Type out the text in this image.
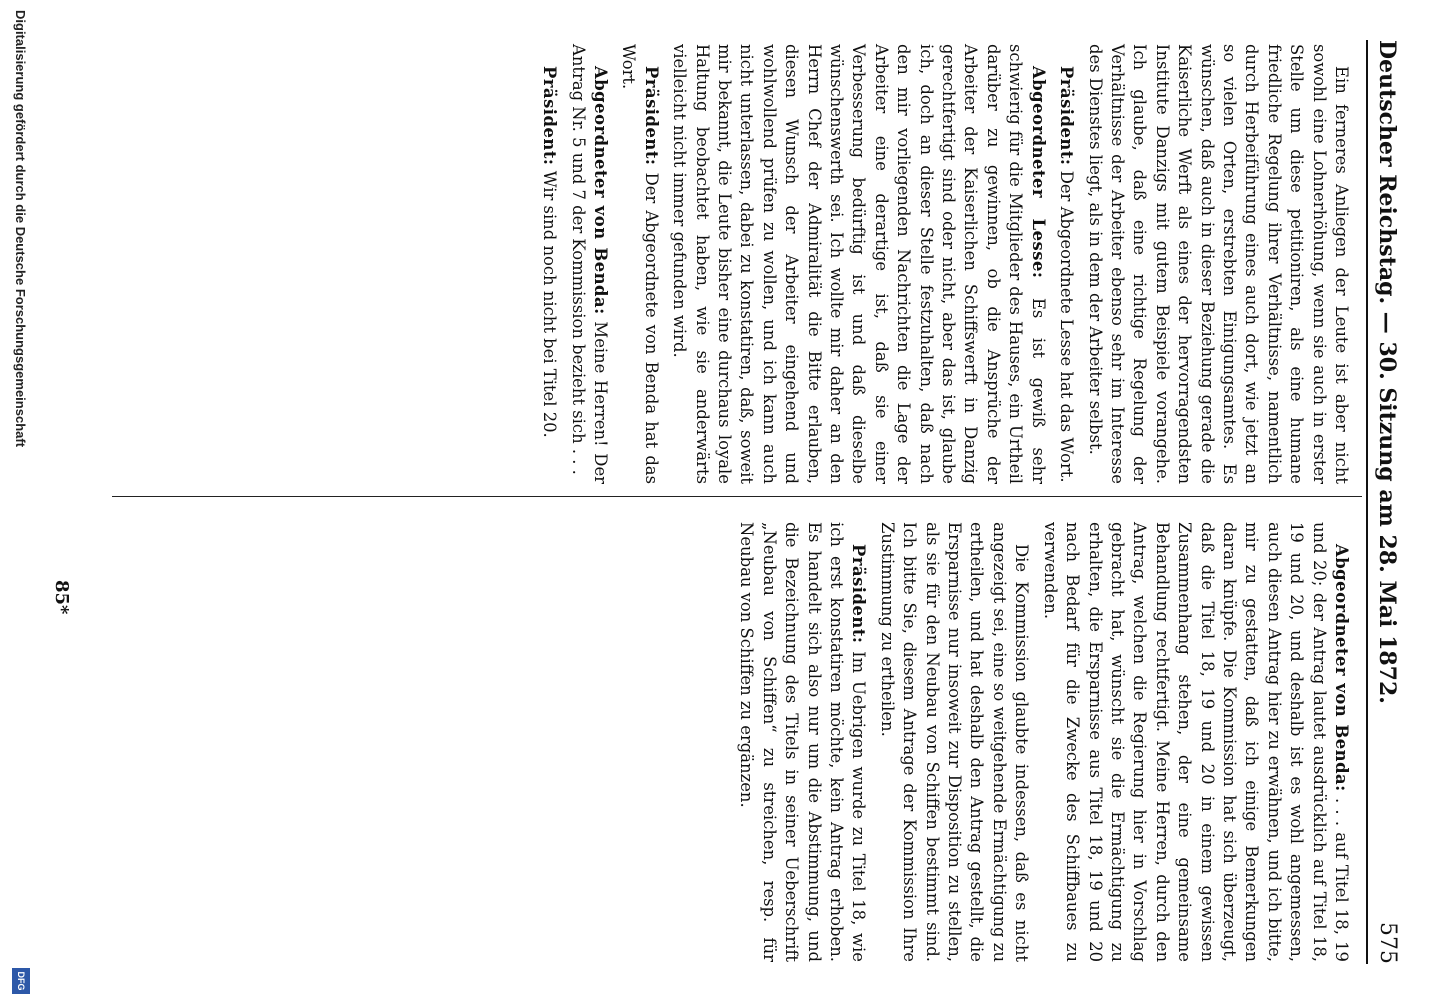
Deutscher Reichstag. — 30. Sitzung am 28. Mai 1872.
575

Ein ferneres Anliegen der Leute ist aber nicht sowohl eine Lohnerhöhung, wenn sie auch in erster Stelle um diese petitioniren, als eine humane friedliche Regelung ihrer Verhältnisse, namentlich durch Herbeiführung eines auch dort, wie jetzt an so vielen Orten, erstrebten Einigungsamtes. Es wünschen, daß auch in dieser Beziehung gerade die Kaiserliche Werft als eines der hervorragendsten Institute Danzigs mit gutem Beispiele vorangehe. Ich glaube, daß eine richtige Regelung der Verhältnisse der Arbeiter ebenso sehr im Interesse des Dienstes liegt, als in dem der Arbeiter selbst.

Präsident: Der Abgeordnete Lesse hat das Wort.

Abgeordneter Lesse: Es ist gewiß sehr schwierig für die Mitglieder des Hauses, ein Urtheil darüber zu gewinnen, ob die Ansprüche der Arbeiter der Kaiserlichen Schiffswerft in Danzig gerechtfertigt sind oder nicht, aber das ist, glaube ich, doch an dieser Stelle festzuhalten, daß nach den mir vorliegenden Nachrichten die Lage der Arbeiter eine derartige ist, daß sie einer Verbesserung bedürftig ist und daß dieselbe wünschenswerth sei. Ich wollte mir daher an den Herrn Chef der Admiralität die Bitte erlauben, diesen Wunsch der Arbeiter eingehend und wohlwollend prüfen zu wollen, und ich kann auch nicht unterlassen, dabei zu konstatiren, daß, soweit mir bekannt, die Leute bisher eine durchaus loyale Haltung beobachtet haben, wie sie anderwärts vielleicht nicht immer gefunden wird.

Präsident: Der Abgeordnete von Benda hat das Wort.

Abgeordneter von Benda: Meine Herren! Der Antrag Nr. 5 und 7 der Kommission bezieht sich . . .

Präsident: Wir sind noch nicht bei Titel 20.

Abgeordneter von Benda: . . . auf Titel 18, 19 und 20; der Antrag lautet ausdrücklich auf Titel 18, 19 und 20, und deshalb ist es wohl angemessen, auch diesen Antrag hier zu erwähnen, und ich bitte, mir zu gestatten, daß ich einige Bemerkungen daran knüpfe. Die Kommission hat sich überzeugt, daß die Titel 18, 19 und 20 in einem gewissen Zusammenhang stehen, der eine gemeinsame Behandlung rechtfertigt. Meine Herren, durch den Antrag, welchen die Regierung hier in Vorschlag gebracht hat, wünscht sie die Ermächtigung zu erhalten, die Ersparnisse aus Titel 18, 19 und 20 nach Bedarf für die Zwecke des Schiffbaues zu verwenden.

Die Kommission glaubte indessen, daß es nicht angezeigt sei, eine so weitgehende Ermächtigung zu ertheilen, und hat deshalb den Antrag gestellt, die Ersparnisse nur insoweit zur Disposition zu stellen, als sie für den Neubau von Schiffen bestimmt sind. Ich bitte Sie, diesem Antrage der Kommission Ihre Zustimmung zu ertheilen.

Präsident: Im Uebrigen wurde zu Titel 18, wie ich erst konstatiren möchte, kein Antrag erhoben. Es handelt sich also nur um die Abstimmung, und die Bezeichnung des Titels in seiner Ueberschrift „Neubau von Schiffen“ zu streichen, resp. für Neubau von Schiffen zu ergänzen.

85*
Digitalisierung gefördert durch die Deutsche Forschungsgemeinschaft
DFG
